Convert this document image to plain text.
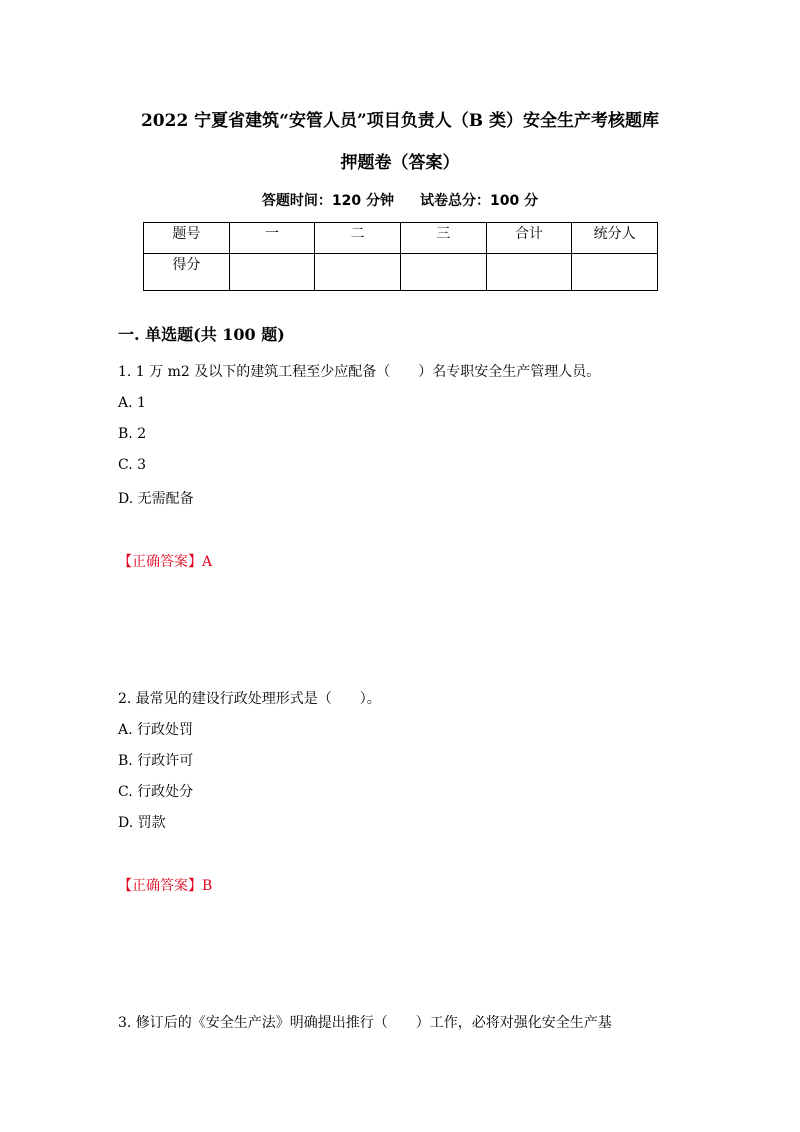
2022 宁夏省建筑“安管人员”项目负责人（B 类）安全生产考核题库
押题卷（答案）
答题时间：120 分钟 试卷总分：100 分
题号	一	二	三	合计	统分人
得分					
一. 单选题(共 100 题)
1. 1 万 m2 及以下的建筑工程至少应配备（　　）名专职安全生产管理人员。
A. 1
B. 2
C. 3
D. 无需配备
【正确答案】A
2. 最常见的建设行政处理形式是（　　）。
A. 行政处罚
B. 行政许可
C. 行政处分
D. 罚款
【正确答案】B
3. 修订后的《安全生产法》明确提出推行（　　）工作，必将对强化安全生产基
